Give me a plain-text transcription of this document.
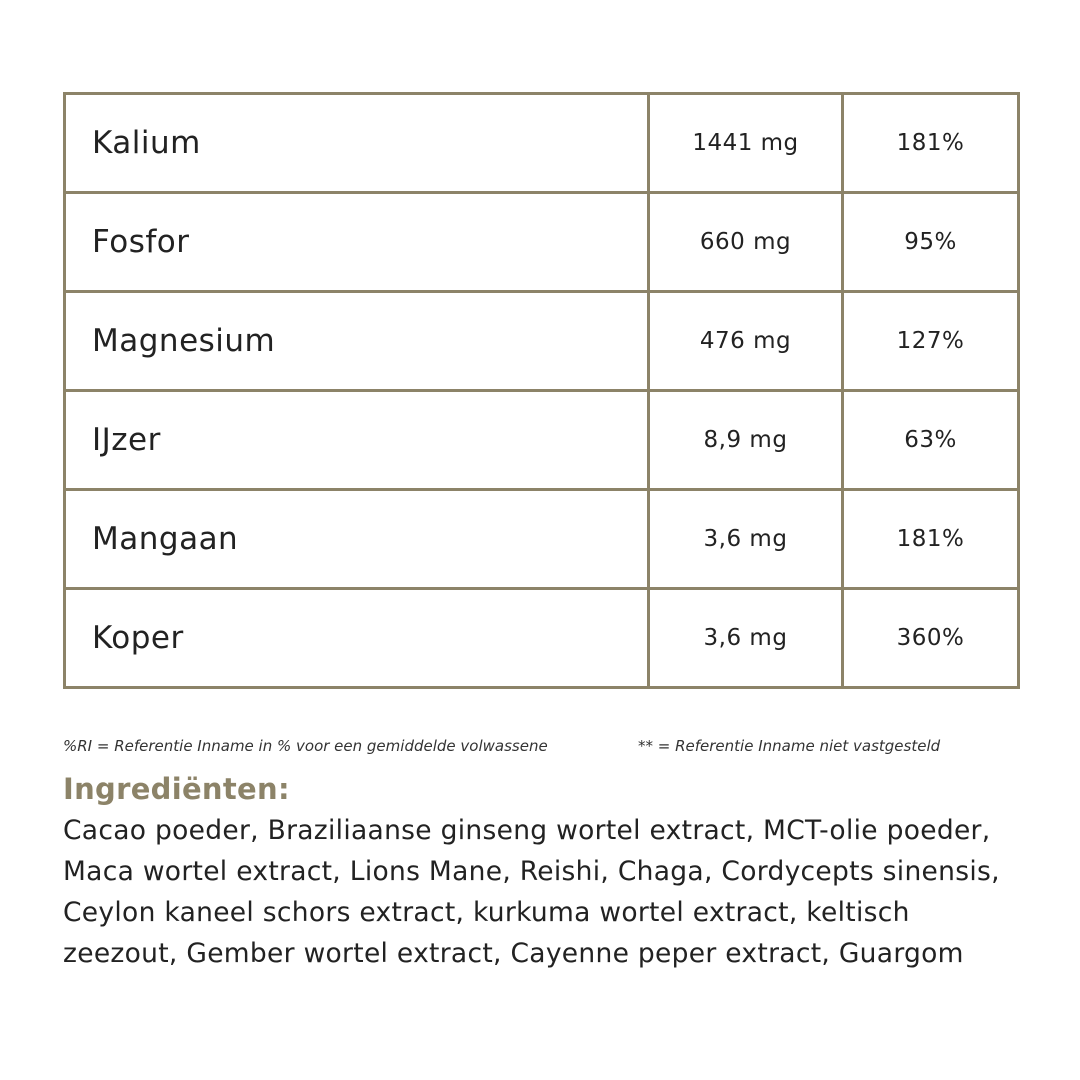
Kalium	1441 mg	181%
Fosfor	660 mg	95%
Magnesium	476 mg	127%
IJzer	8,9 mg	63%
Mangaan	3,6 mg	181%
Koper	3,6 mg	360%
%RI = Referentie Inname in % voor een gemiddelde volwassene	** = Referentie Inname niet vastgesteld
Ingrediënten:
Cacao poeder, Braziliaanse ginseng wortel extract, MCT-olie poeder, Maca wortel extract, Lions Mane, Reishi, Chaga, Cordycepts sinensis, Ceylon kaneel schors extract, kurkuma wortel extract, keltisch zeezout, Gember wortel extract, Cayenne peper extract, Guargom
